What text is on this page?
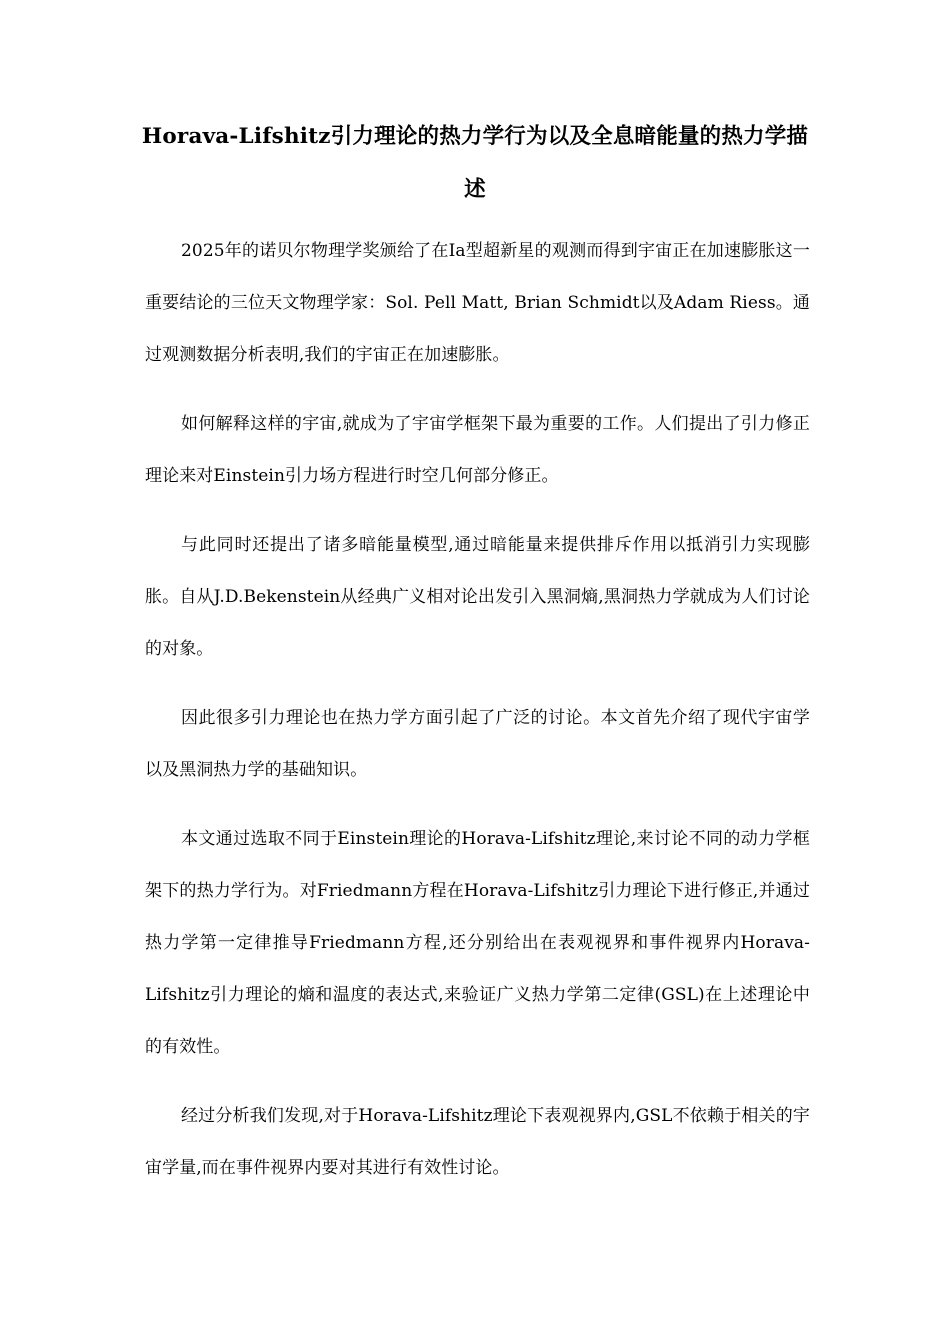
Horava-Lifshitz引力理论的热力学行为以及全息暗能量的热力学描述

2025年的诺贝尔物理学奖颁给了在Ia型超新星的观测而得到宇宙正在加速膨胀这一重要结论的三位天文物理学家：Sol. Pell Matt, Brian Schmidt以及Adam Riess。通过观测数据分析表明,我们的宇宙正在加速膨胀。

如何解释这样的宇宙,就成为了宇宙学框架下最为重要的工作。人们提出了引力修正理论来对Einstein引力场方程进行时空几何部分修正。

与此同时还提出了诸多暗能量模型,通过暗能量来提供排斥作用以抵消引力实现膨胀。自从J.D.Bekenstein从经典广义相对论出发引入黑洞熵,黑洞热力学就成为人们讨论的对象。

因此很多引力理论也在热力学方面引起了广泛的讨论。本文首先介绍了现代宇宙学以及黑洞热力学的基础知识。

本文通过选取不同于Einstein理论的Horava-Lifshitz理论,来讨论不同的动力学框架下的热力学行为。对Friedmann方程在Horava-Lifshitz引力理论下进行修正,并通过热力学第一定律推导Friedmann方程,还分别给出在表观视界和事件视界内Horava-Lifshitz引力理论的熵和温度的表达式,来验证广义热力学第二定律(GSL)在上述理论中的有效性。

经过分析我们发现,对于Horava-Lifshitz理论下表观视界内,GSL不依赖于相关的宇宙学量,而在事件视界内要对其进行有效性讨论。
